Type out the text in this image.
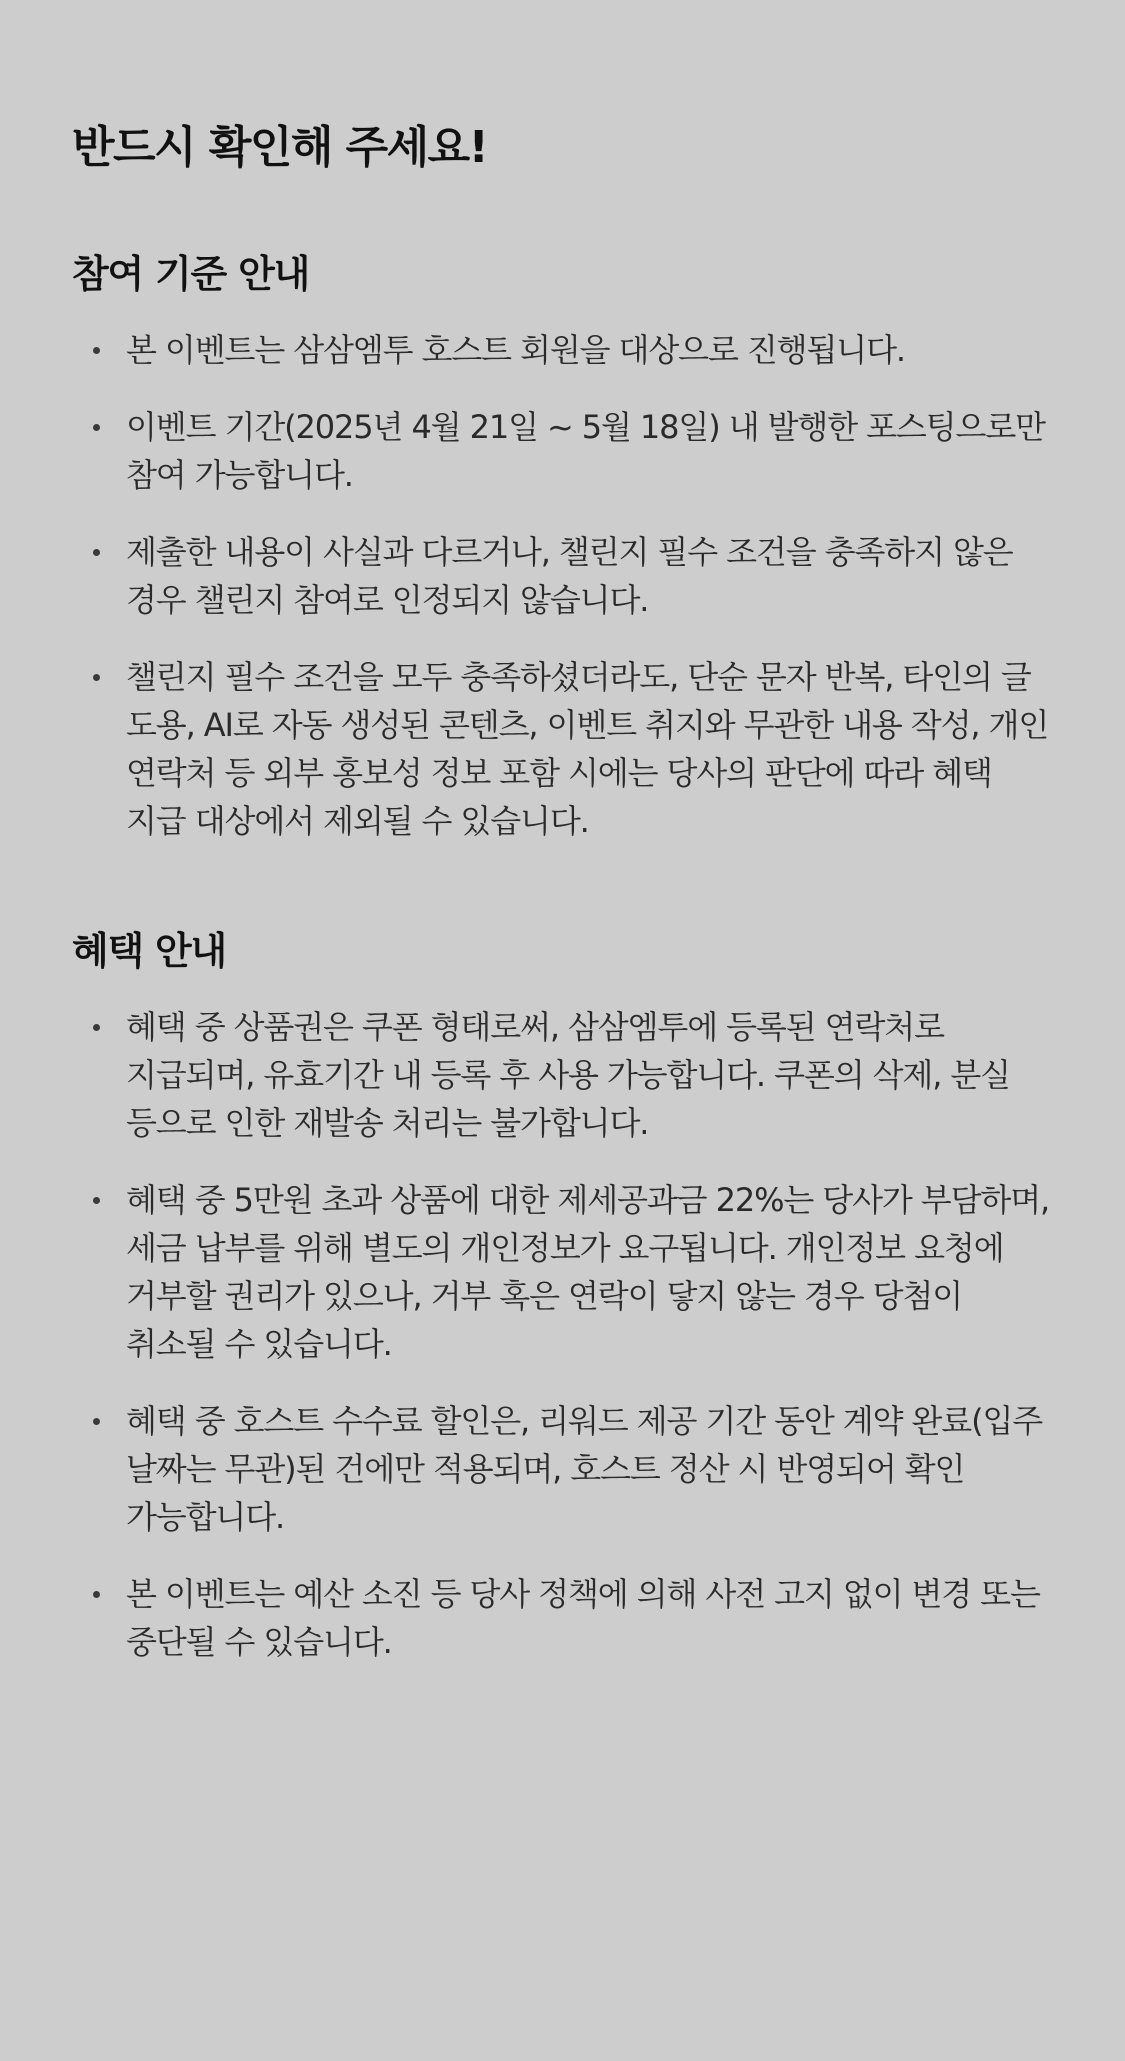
반드시 확인해 주세요!
참여 기준 안내
본 이벤트는 삼삼엠투 호스트 회원을 대상으로 진행됩니다.
이벤트 기간(2025년 4월 21일 ~ 5월 18일) 내 발행한 포스팅으로만 참여 가능합니다.
제출한 내용이 사실과 다르거나, 챌린지 필수 조건을 충족하지 않은 경우 챌린지 참여로 인정되지 않습니다.
챌린지 필수 조건을 모두 충족하셨더라도, 단순 문자 반복, 타인의 글 도용, AI로 자동 생성된 콘텐츠, 이벤트 취지와 무관한 내용 작성, 개인 연락처 등 외부 홍보성 정보 포함 시에는 당사의 판단에 따라 혜택 지급 대상에서 제외될 수 있습니다.
혜택 안내
혜택 중 상품권은 쿠폰 형태로써, 삼삼엠투에 등록된 연락처로 지급되며, 유효기간 내 등록 후 사용 가능합니다. 쿠폰의 삭제, 분실 등으로 인한 재발송 처리는 불가합니다.
혜택 중 5만원 초과 상품에 대한 제세공과금 22%는 당사가 부담하며, 세금 납부를 위해 별도의 개인정보가 요구됩니다. 개인정보 요청에 거부할 권리가 있으나, 거부 혹은 연락이 닿지 않는 경우 당첨이 취소될 수 있습니다.
혜택 중 호스트 수수료 할인은, 리워드 제공 기간 동안 계약 완료(입주 날짜는 무관)된 건에만 적용되며, 호스트 정산 시 반영되어 확인 가능합니다.
본 이벤트는 예산 소진 등 당사 정책에 의해 사전 고지 없이 변경 또는 중단될 수 있습니다.
